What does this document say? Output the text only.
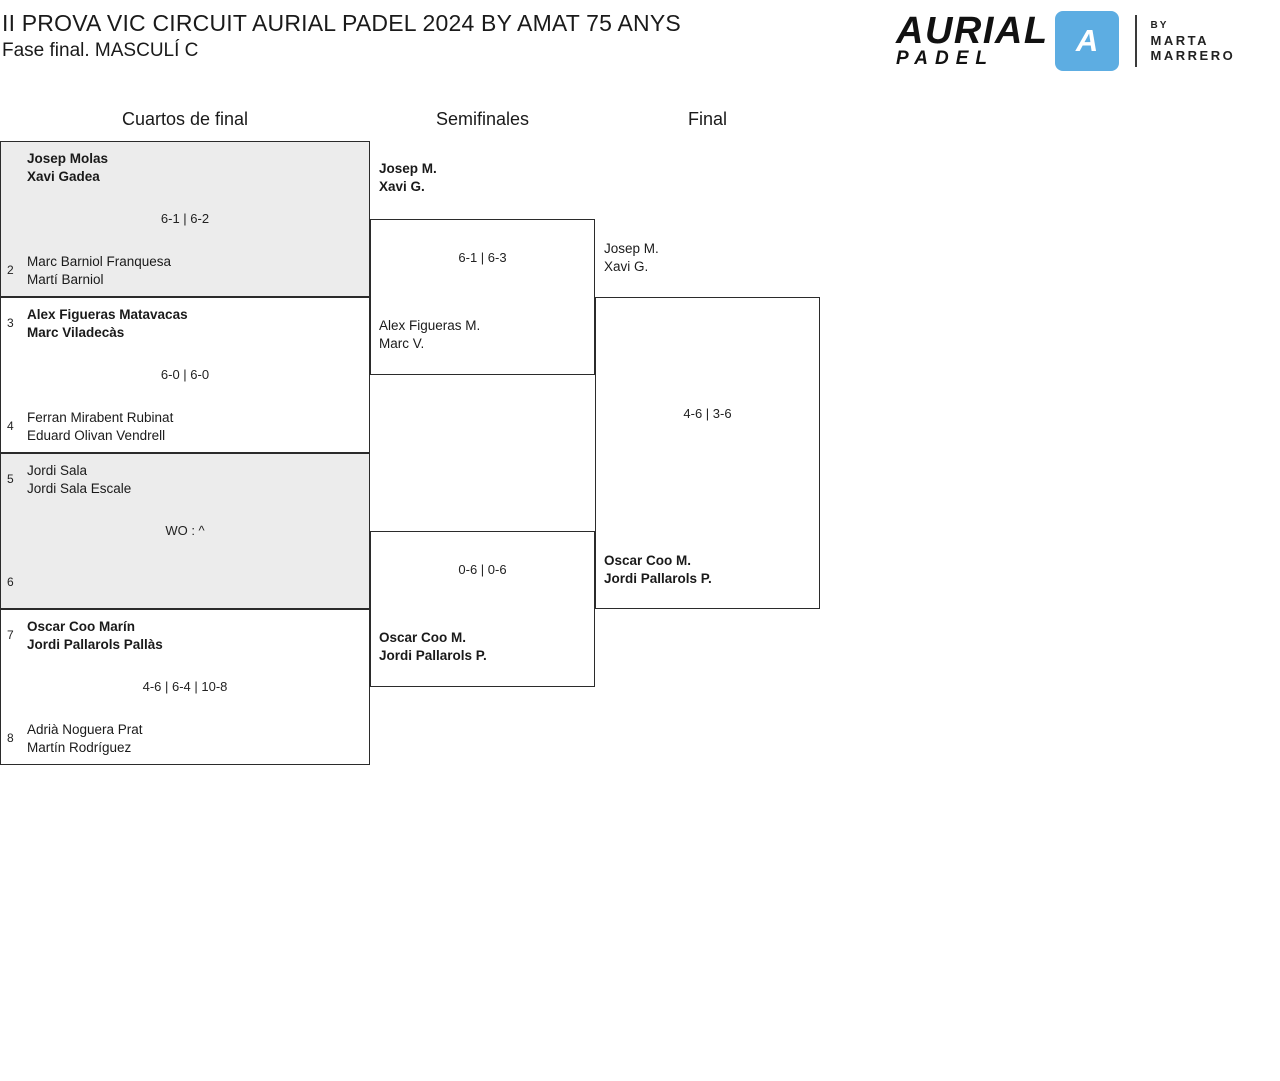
II PROVA VIC CIRCUIT AURIAL PADEL 2024 BY AMAT 75 ANYS
Fase final. MASCULÍ C	AURIAL
PADEL
A	BY
MARTA
MARRERO
Cuartos de final	Semifinales	Final
Josep Molas
Xavi Gadea
6-1 | 6-2
2
Marc Barniol Franquesa
Martí Barniol
3
Alex Figueras Matavacas
Marc Viladecàs
6-0 | 6-0
4
Ferran Mirabent Rubinat
Eduard Olivan Vendrell
5
Jordi Sala
Jordi Sala Escale
WO : ^
6
7
Oscar Coo Marín
Jordi Pallarols Pallàs
4-6 | 6-4 | 10-8
8
Adrià Noguera Prat
Martín Rodríguez
Josep M.
Xavi G.
6-1 | 6-3
Alex Figueras M.
Marc V.
0-6 | 0-6
Oscar Coo M.
Jordi Pallarols P.
Josep M.
Xavi G.
4-6 | 3-6
Oscar Coo M.
Jordi Pallarols P.
